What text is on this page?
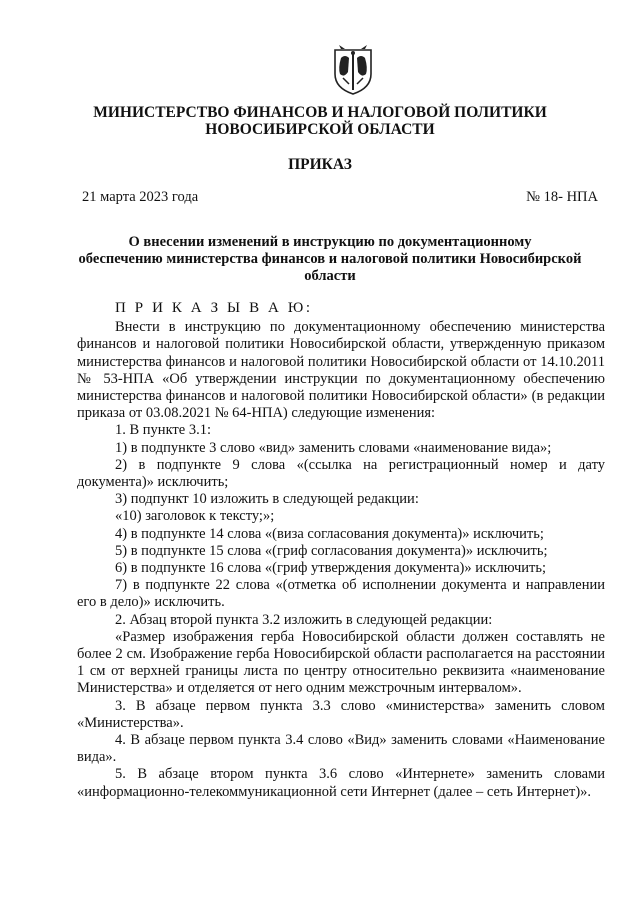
МИНИСТЕРСТВО ФИНАНСОВ И НАЛОГОВОЙ ПОЛИТИКИ
НОВОСИБИРСКОЙ ОБЛАСТИ
ПРИКАЗ
21 марта 2023 года	№ 18- НПА
О внесении изменений в инструкцию по документационному
обеспечению министерства финансов и налоговой политики Новосибирской
области

П Р И К А З Ы В А Ю:

Внести в инструкцию по документационному обеспечению министерства финансов и налоговой политики Новосибирской области, утвержденную приказом министерства финансов и налоговой политики Новосибирской области от 14.10.2011 № 53-НПА «Об утверждении инструкции по документационному обеспечению министерства финансов и налоговой политики Новосибирской области» (в редакции приказа от 03.08.2021 № 64-НПА) следующие изменения:

1. В пункте 3.1:

1) в подпункте 3 слово «вид» заменить словами «наименование вида»;

2) в подпункте 9 слова «(ссылка на регистрационный номер и дату документа)» исключить;

3) подпункт 10 изложить в следующей редакции:

«10) заголовок к тексту;»;

4) в подпункте 14 слова «(виза согласования документа)» исключить;

5) в подпункте 15 слова «(гриф согласования документа)» исключить;

6) в подпункте 16 слова «(гриф утверждения документа)» исключить;

7) в подпункте 22 слова «(отметка об исполнении документа и направлении его в дело)» исключить.

2. Абзац второй пункта 3.2 изложить в следующей редакции:

«Размер изображения герба Новосибирской области должен составлять не более 2 см. Изображение герба Новосибирской области располагается на расстоянии 1 см от верхней границы листа по центру относительно реквизита «наименование Министерства» и отделяется от него одним межстрочным интервалом».

3. В абзаце первом пункта 3.3 слово «министерства» заменить словом «Министерства».

4. В абзаце первом пункта 3.4 слово «Вид» заменить словами «Наименование вида».

5. В абзаце втором пункта 3.6 слово «Интернете» заменить словами «информационно-телекоммуникационной сети Интернет (далее – сеть Интернет)».
